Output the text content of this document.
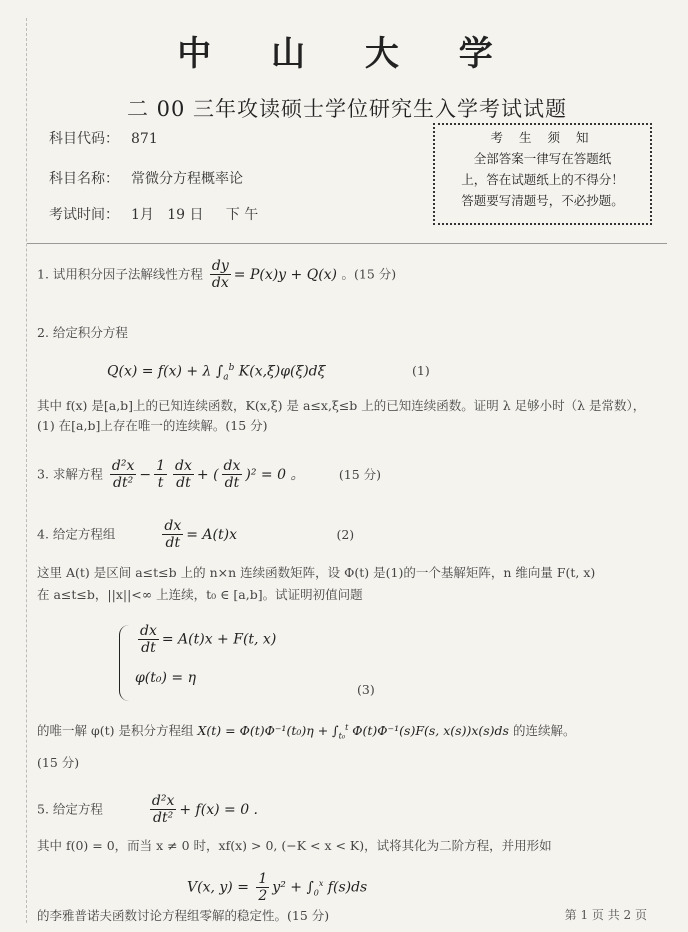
中 山 大 学
二 00 三年攻读硕士学位研究生入学考试试题
科目代码： 871
科目名称： 常微分方程概率论
考试时间： 1月   19 日     下 午
考 生 须 知
全部答案一律写在答题纸
上，答在试题纸上的不得分！
答题要写清题号，不必抄题。
1. 试用积分因子法解线性方程 $\frac{dy}{dx} = P(x)y + Q(x)$ 。(15 分)
2. 给定积分方程
Q(x) = f(x) + λ $\int_a^b$ K(x,ξ)φ(ξ)dξ	(1)
其中 f(x) 是[a,b]上的已知连续函数，K(x,ξ) 是 a≤x,ξ≤b 上的已知连续函数。证明 λ 足够小时（λ 是常数），(1) 在[a,b]上存在唯一的连续解。(15 分)
3. 求解方程 $\frac{\text{d²x}}{\text{dt²}} - \frac{1}{t} \frac{dx}{dt}$ + ( $\frac{dx}{dt} )^2 = 0$ 。 (15 分)
4. 给定方程组	$\frac{dx}{dt} = A(t)x$	(2)
这里 A(t) 是区间 a≤t≤b 上的 n×n 连续函数矩阵，设 Φ(t) 是(1)的一个基解矩阵，n 维向量 F(t, x)
在 a≤t≤b，||x||<∞ 上连续，t₀ ∈ [a,b]。试证明初值问题
$\frac{dx}{dt} = A(t)x + F(t$, x)
φ(t₀) = η
(3)
的唯一解 φ(t) 是积分方程组 $X(t) = \Phi(t)\Phi^{-1}(t_0)\eta + \int_{t_0}^t$ Φ(t)Φ⁻¹(s)F(s, x(s))x(s)ds 的连续解。
(15 分)
5. 给定方程	$\frac{\text{d²x}}{\text{dt²}} + f(x) = 0$ .
其中 f(0) = 0，而当 x ≠ 0 时，xf(x) > 0, (−K < x < K)，试将其化为二阶方程，并用形如
V(x, $y) = \frac{1}{2} y^2 + \int_0^x$ f(s)ds
的李雅普诺夫函数讨论方程组零解的稳定性。(15 分)	第 1 页 共 2 页
